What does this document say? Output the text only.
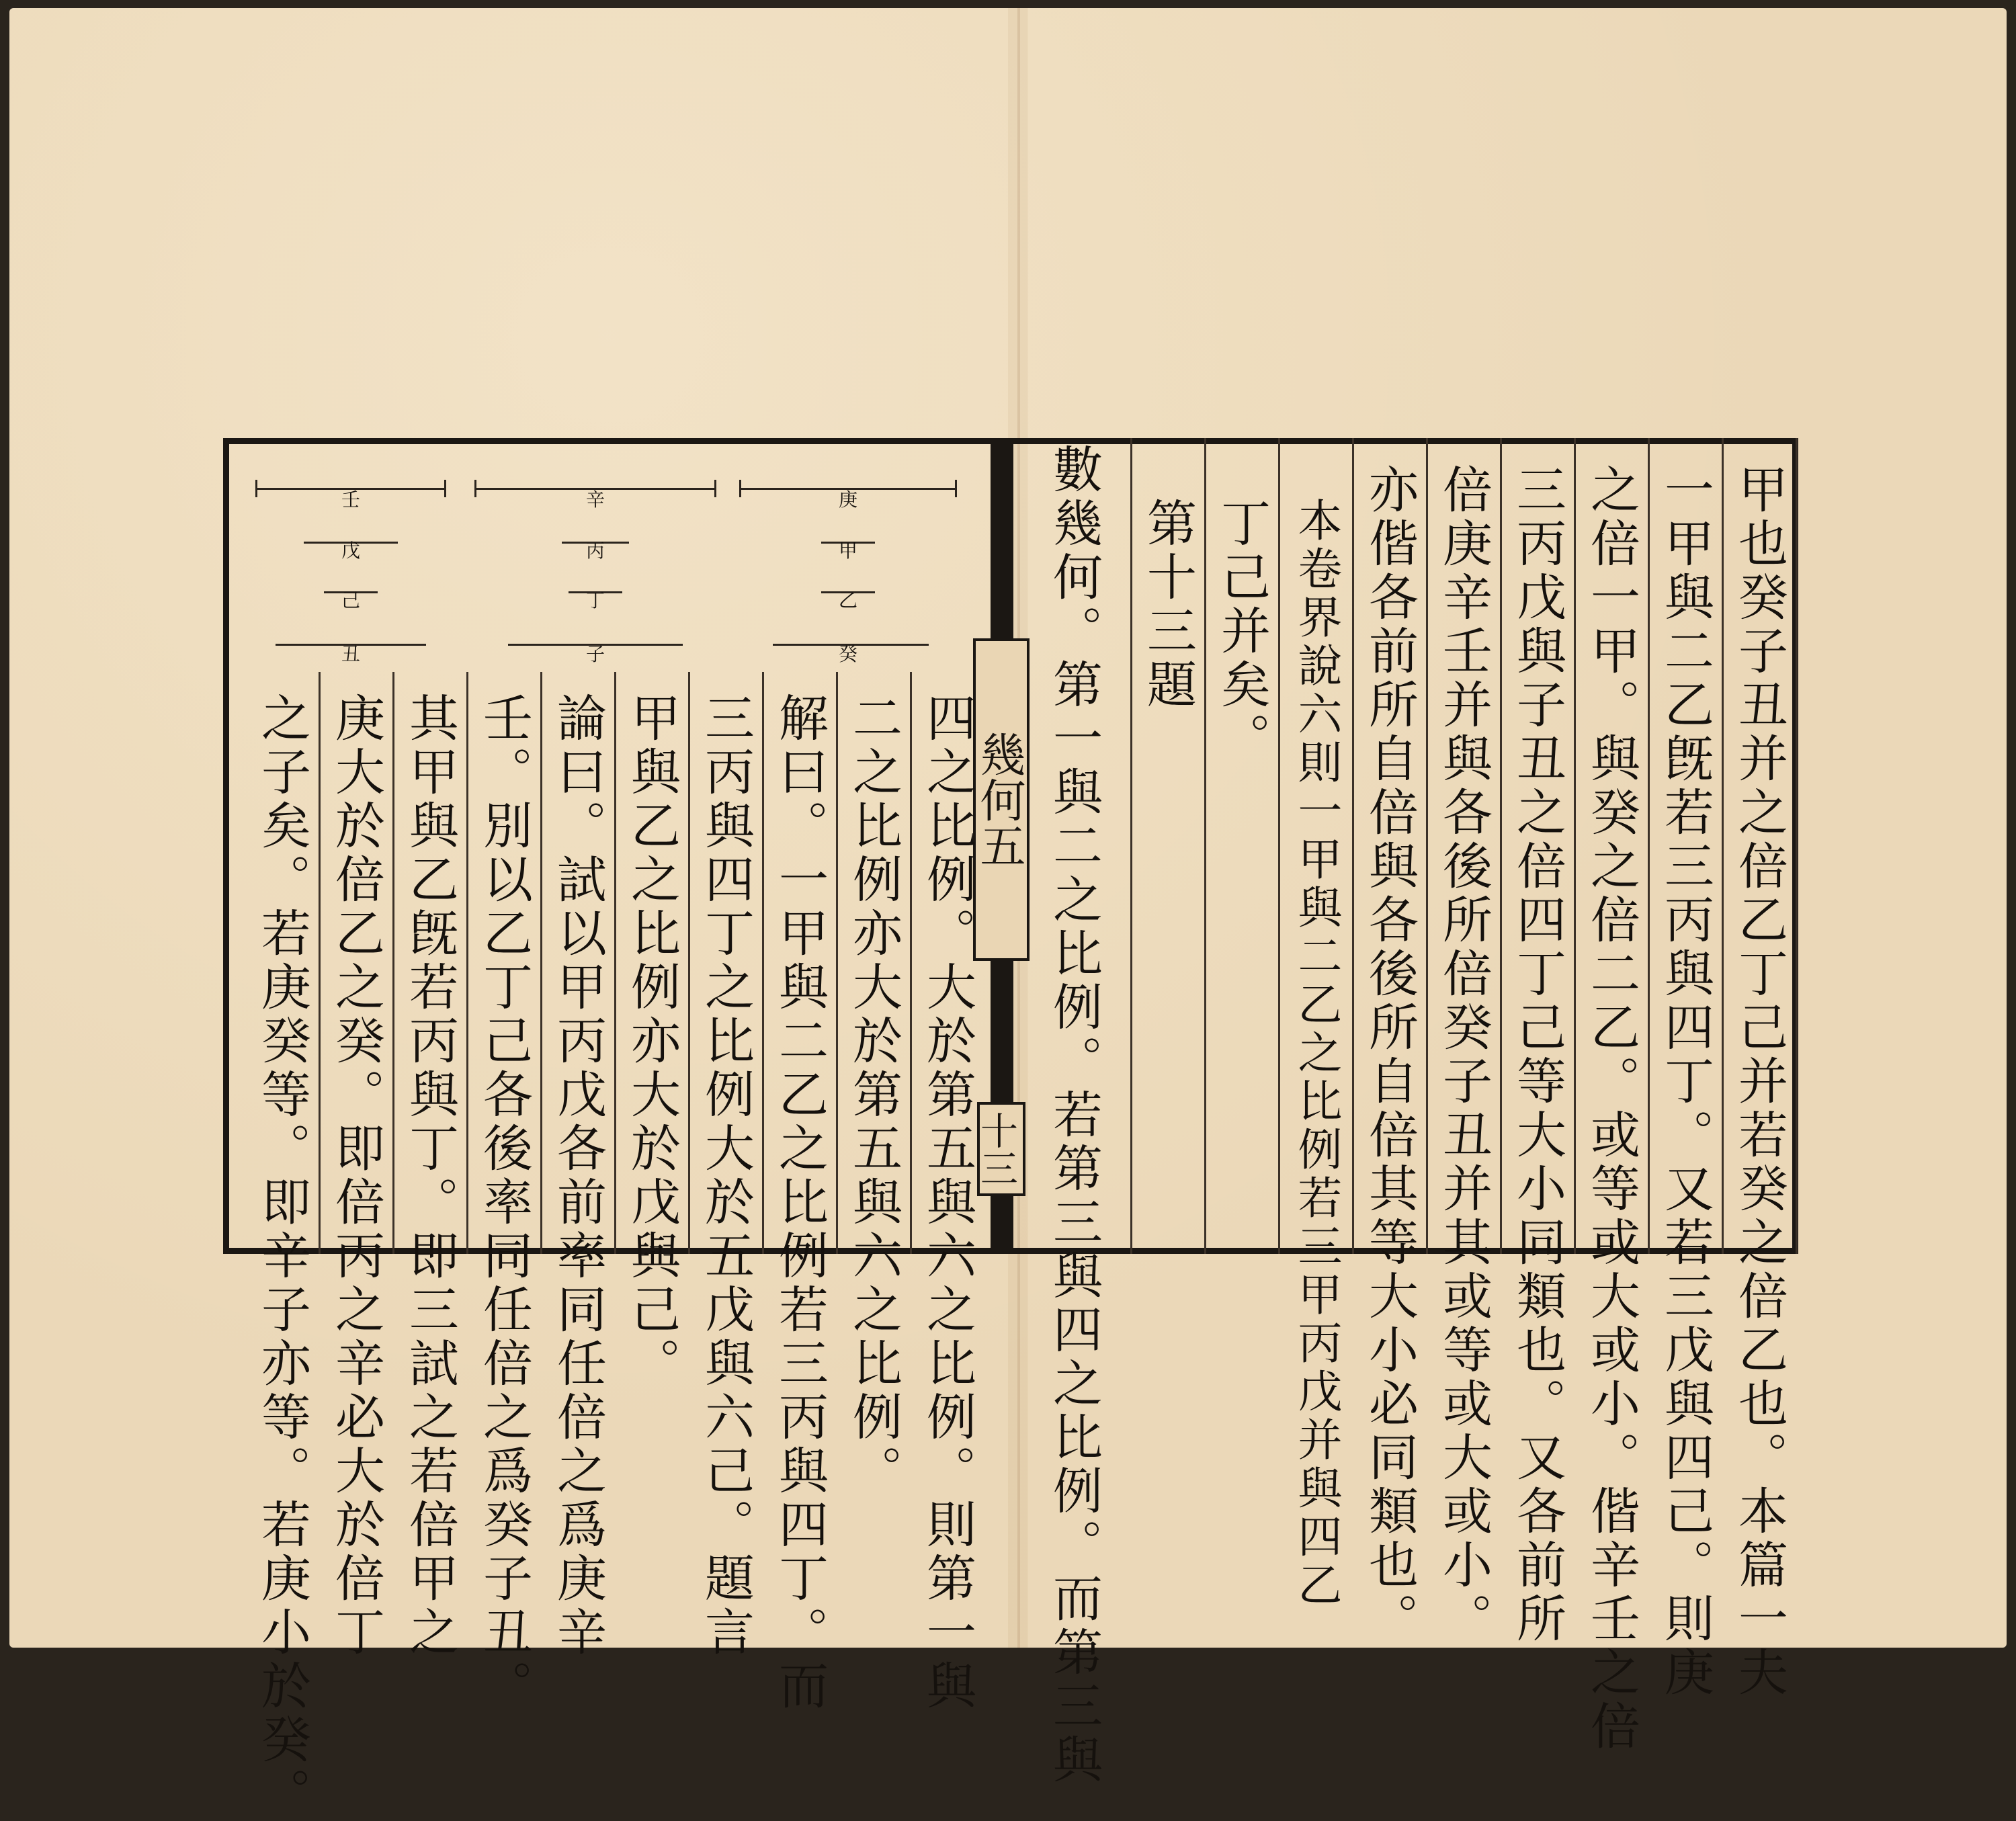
甲也癸子丑并之倍乙丁己并若癸之倍乙也。本篇一夫
一甲與二乙旣若三丙與四丁。又若三戊與四己。則庚
之倍一甲。與癸之倍二乙。或等或大或小。偕辛壬之倍
三丙戊與子丑之倍四丁己等大小同類也。又各前所
倍庚辛壬并與各後所倍癸子丑并其或等或大或小。
亦偕各前所自倍與各後所自倍其等大小必同類也。
本卷界說六則一甲與二乙之比例若三甲丙戊并與四乙
丁己并矣。
第十三題
數幾何。第一與二之比例。若第三與四之比例。而第三與
幾何五
十三
四之比例。大於第五與六之比例。則第一與
二之比例亦大於第五與六之比例。
解曰。一甲與二乙之比例若三丙與四丁。而
三丙與四丁之比例大於五戊與六己。題言
甲與乙之比例亦大於戊與己。
論曰。試以甲丙戊各前率同任倍之爲庚辛
壬。別以乙丁己各後率同任倍之爲癸子丑。
其甲與乙旣若丙與丁。即三試之若倍甲之
庚大於倍乙之癸。即倍丙之辛必大於倍丁
之子矣。若庚癸等。即辛子亦等。若庚小於癸。
庚
甲
乙
癸
辛
丙
丁
子
壬
戊
己
丑
